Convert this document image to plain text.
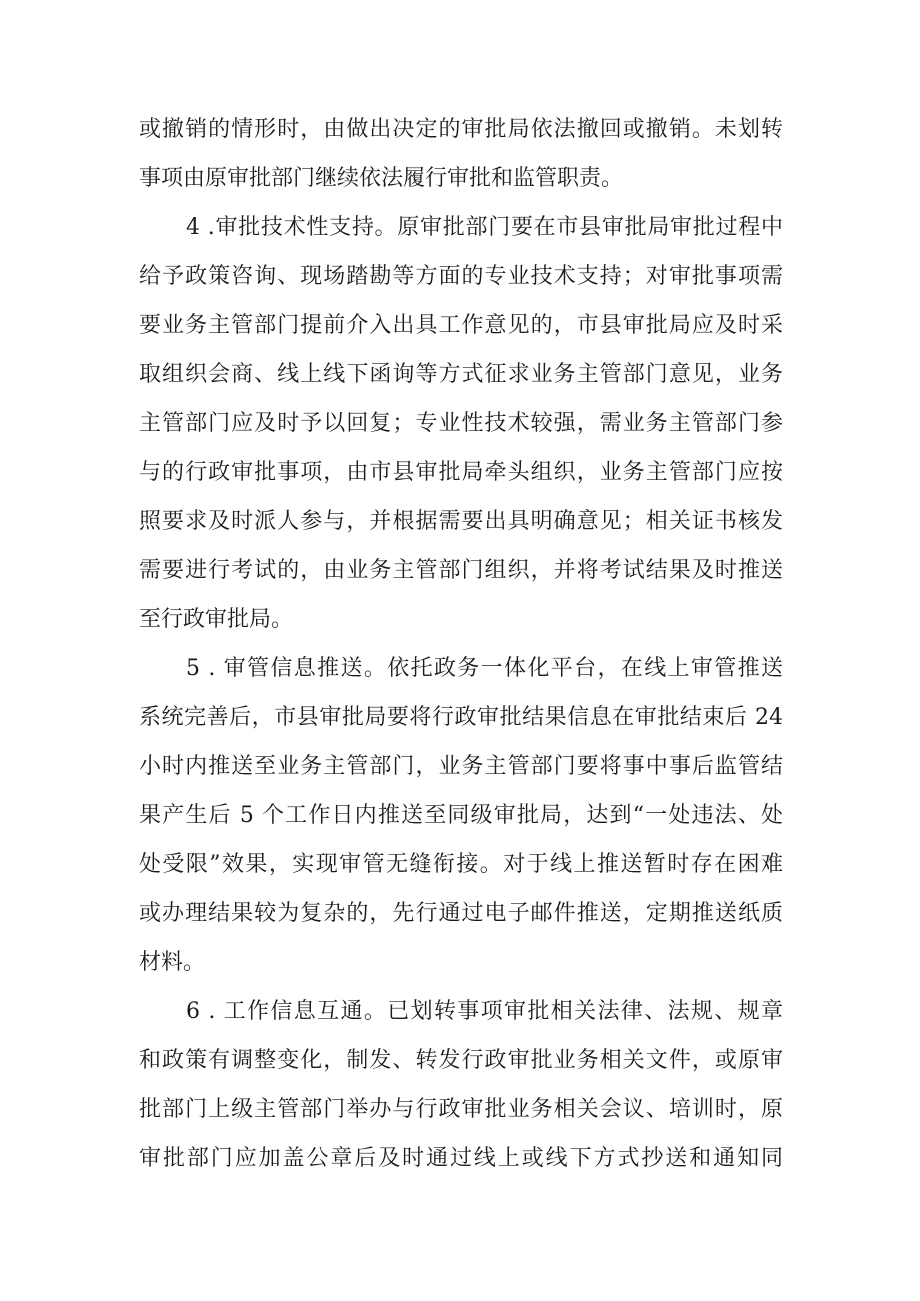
或撤销的情形时，由做出决定的审批局依法撤回或撤销。未划转
事项由原审批部门继续依法履行审批和监管职责。
4 .审批技术性支持。原审批部门要在市县审批局审批过程中
给予政策咨询、现场踏勘等方面的专业技术支持；对审批事项需
要业务主管部门提前介入出具工作意见的，市县审批局应及时采
取组织会商、线上线下函询等方式征求业务主管部门意见，业务
主管部门应及时予以回复；专业性技术较强，需业务主管部门参
与的行政审批事项，由市县审批局牵头组织，业务主管部门应按
照要求及时派人参与，并根据需要出具明确意见；相关证书核发
需要进行考试的，由业务主管部门组织，并将考试结果及时推送
至行政审批局。
5 . 审管信息推送。依托政务一体化平台，在线上审管推送
系统完善后，市县审批局要将行政审批结果信息在审批结束后 24
小时内推送至业务主管部门，业务主管部门要将事中事后监管结
果产生后 5 个工作日内推送至同级审批局，达到“一处违法、处
处受限”效果，实现审管无缝衔接。对于线上推送暂时存在困难
或办理结果较为复杂的，先行通过电子邮件推送，定期推送纸质
材料。
6 . 工作信息互通。已划转事项审批相关法律、法规、规章
和政策有调整变化，制发、转发行政审批业务相关文件，或原审
批部门上级主管部门举办与行政审批业务相关会议、培训时，原
审批部门应加盖公章后及时通过线上或线下方式抄送和通知同
